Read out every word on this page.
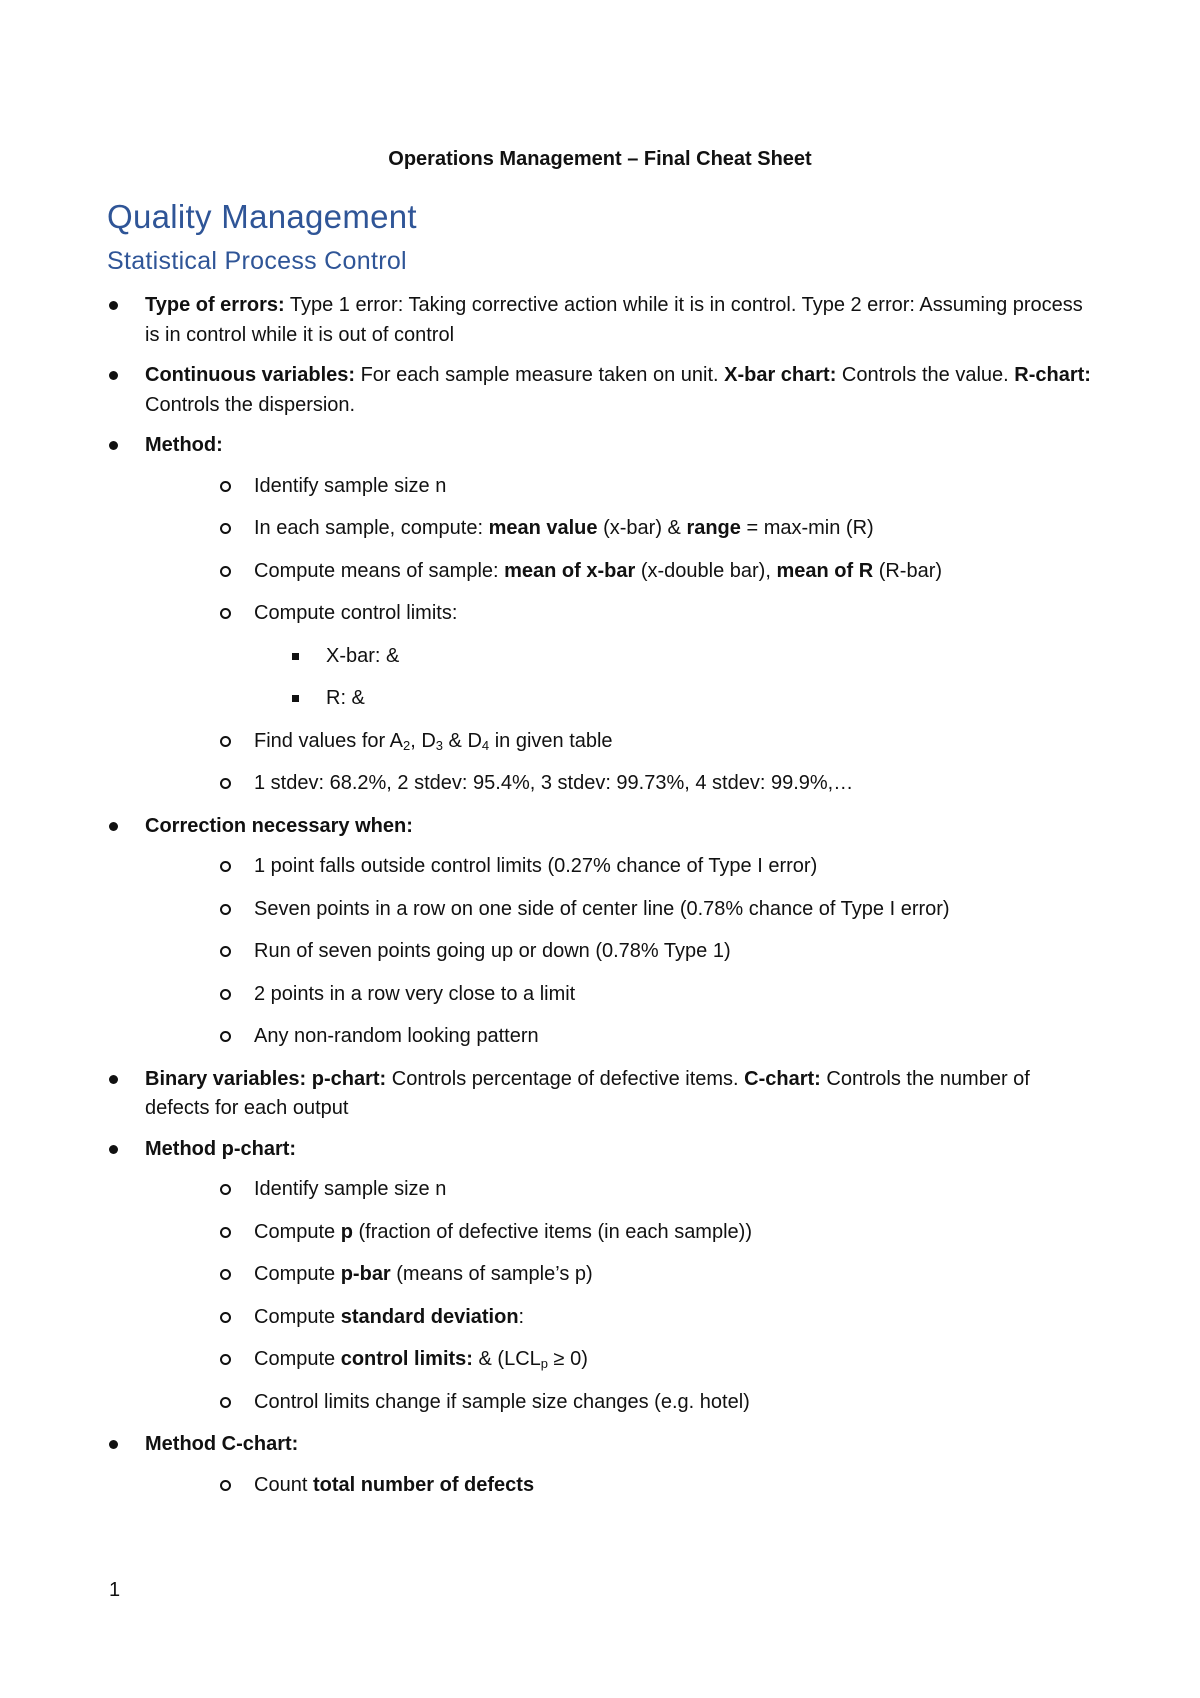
Operations Management – Final Cheat Sheet
Quality Management
Statistical Process Control
Type of errors: Type 1 error: Taking corrective action while it is in control. Type 2 error: Assuming process is in control while it is out of control
Continuous variables: For each sample measure taken on unit. X-bar chart: Controls the value. R-chart: Controls the dispersion.
Method:
Identify sample size n
In each sample, compute: mean value (x-bar) & range = max-min (R)
Compute means of sample: mean of x-bar (x-double bar), mean of R (R-bar)
Compute control limits:
X-bar: &
R: &
Find values for $A_2$, $D_3$ & $D_4$ in given table
1 stdev: 68.2%, 2 stdev: 95.4%, 3 stdev: 99.73%, 4 stdev: 99.9%,…
Correction necessary when:
1 point falls outside control limits (0.27% chance of Type I error)
Seven points in a row on one side of center line (0.78% chance of Type I error)
Run of seven points going up or down (0.78% Type 1)
2 points in a row very close to a limit
Any non-random looking pattern
Binary variables: p-chart: Controls percentage of defective items. C-chart: Controls the number of defects for each output
Method p-chart:
Identify sample size n
Compute p (fraction of defective items (in each sample))
Compute p-bar (means of sample’s p)
Compute standard deviation:
Compute control limits: & $(LCL_p \ge 0)$
Control limits change if sample size changes (e.g. hotel)
Method C-chart:
Count total number of defects
1
